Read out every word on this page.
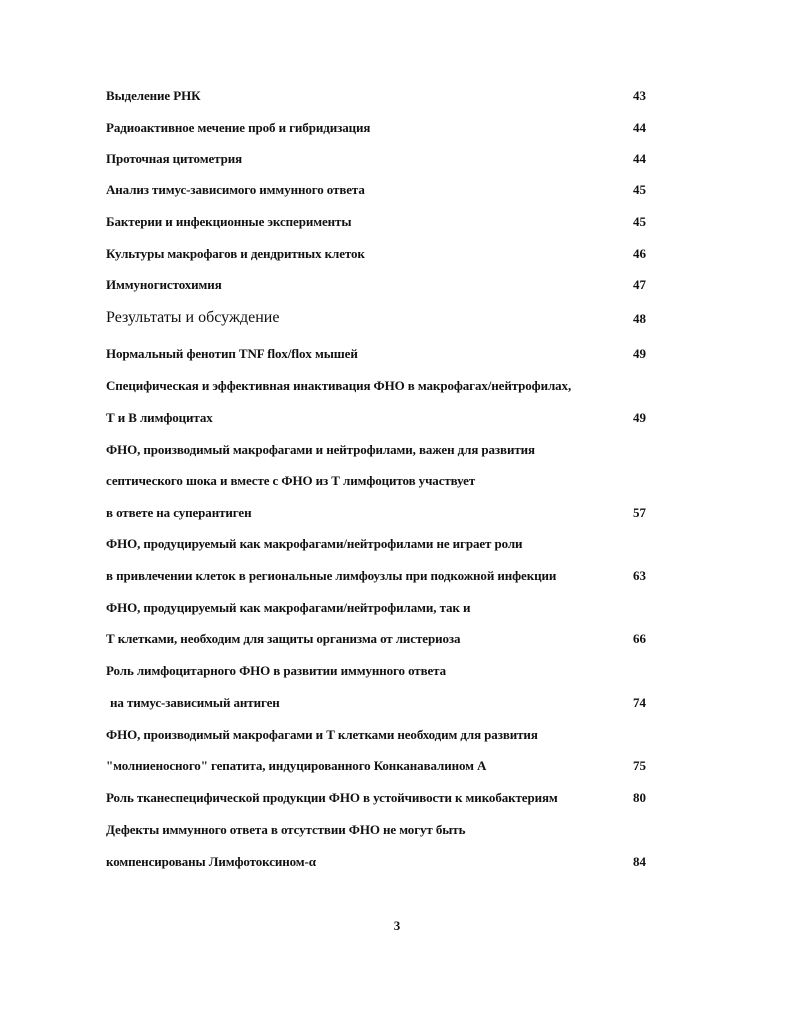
Выделение РНК	43
Радиоактивное мечение проб и гибридизация	44
Проточная цитометрия	44
Анализ тимус-зависимого иммунного ответа	45
Бактерии и инфекционные эксперименты	45
Культуры макрофагов и дендритных клеток	46
Иммуногистохимия	47
Результаты и обсуждение	48
Нормальный фенотип TNF flox/flox мышей	49
Специфическая и эффективная инактивация ФНО в макрофагах/нейтрофилах,
Т и В лимфоцитах	49
ФНО, производимый макрофагами и нейтрофилами, важен для развития
септического шока и вместе с ФНО из Т лимфоцитов участвует
в ответе на суперантиген	57
ФНО, продуцируемый как макрофагами/нейтрофилами не играет роли
в привлечении клеток в региональные лимфоузлы при подкожной инфекции	63
ФНО, продуцируемый как макрофагами/нейтрофилами, так и
Т клетками, необходим для защиты организма от листериоза	66
Роль лимфоцитарного ФНО в развитии иммунного ответа
на тимус-зависимый антиген	74
ФНО, производимый макрофагами и Т клетками необходим для развития
"молниеносного" гепатита, индуцированного Конканавалином А	75
Роль тканеспецифической продукции ФНО в устойчивости к микобактериям	80
Дефекты иммунного ответа в отсутствии ФНО не могут быть
компенсированы Лимфотоксином-α	84
3
